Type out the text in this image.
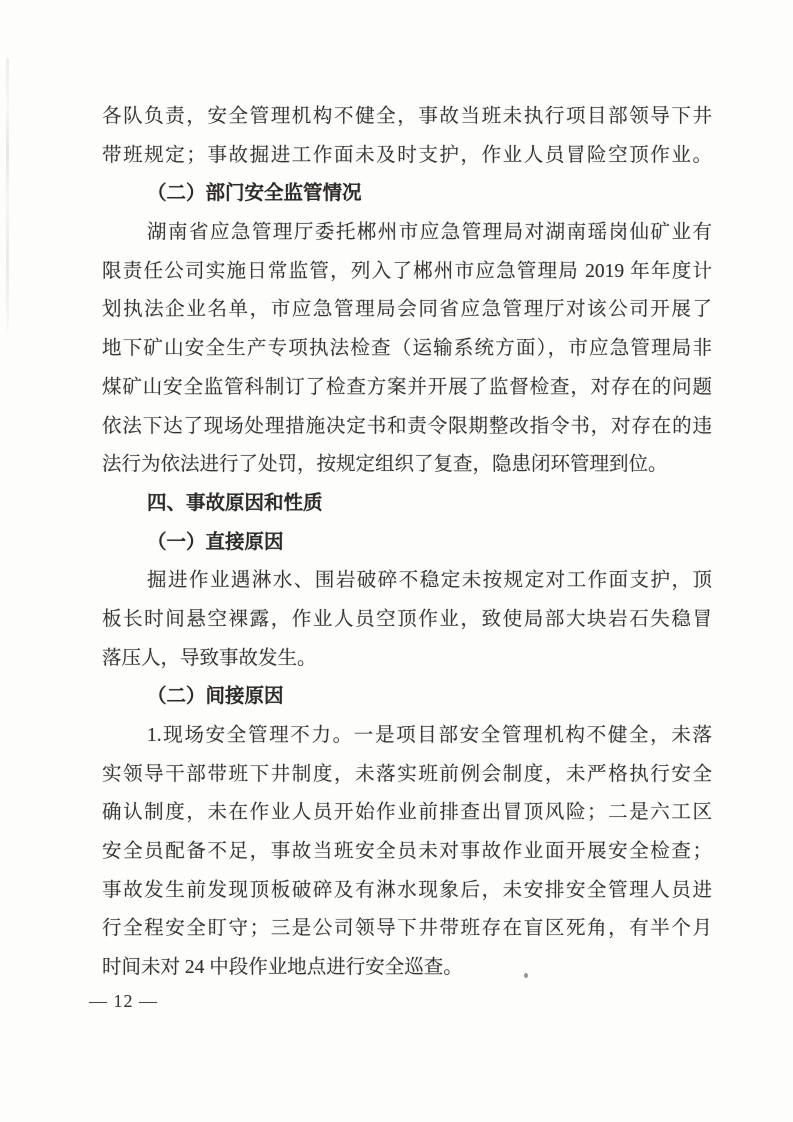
各队负责，安全管理机构不健全，事故当班未执行项目部领导下井
带班规定；事故掘进工作面未及时支护，作业人员冒险空顶作业。
（二）部门安全监管情况
湖南省应急管理厅委托郴州市应急管理局对湖南瑶岗仙矿业有
限责任公司实施日常监管，列入了郴州市应急管理局 2019 年年度计
划执法企业名单，市应急管理局会同省应急管理厅对该公司开展了
地下矿山安全生产专项执法检查（运输系统方面），市应急管理局非
煤矿山安全监管科制订了检查方案并开展了监督检查，对存在的问题
依法下达了现场处理措施决定书和责令限期整改指令书，对存在的违
法行为依法进行了处罚，按规定组织了复查，隐患闭环管理到位。
四、事故原因和性质
（一）直接原因
掘进作业遇淋水、围岩破碎不稳定未按规定对工作面支护，顶
板长时间悬空裸露，作业人员空顶作业，致使局部大块岩石失稳冒
落压人，导致事故发生。
（二）间接原因
1.现场安全管理不力。一是项目部安全管理机构不健全，未落
实领导干部带班下井制度，未落实班前例会制度，未严格执行安全
确认制度，未在作业人员开始作业前排查出冒顶风险；二是六工区
安全员配备不足，事故当班安全员未对事故作业面开展安全检查；
事故发生前发现顶板破碎及有淋水现象后，未安排安全管理人员进
行全程安全盯守；三是公司领导下井带班存在盲区死角，有半个月
时间未对 24 中段作业地点进行安全巡查。
— 12 —
